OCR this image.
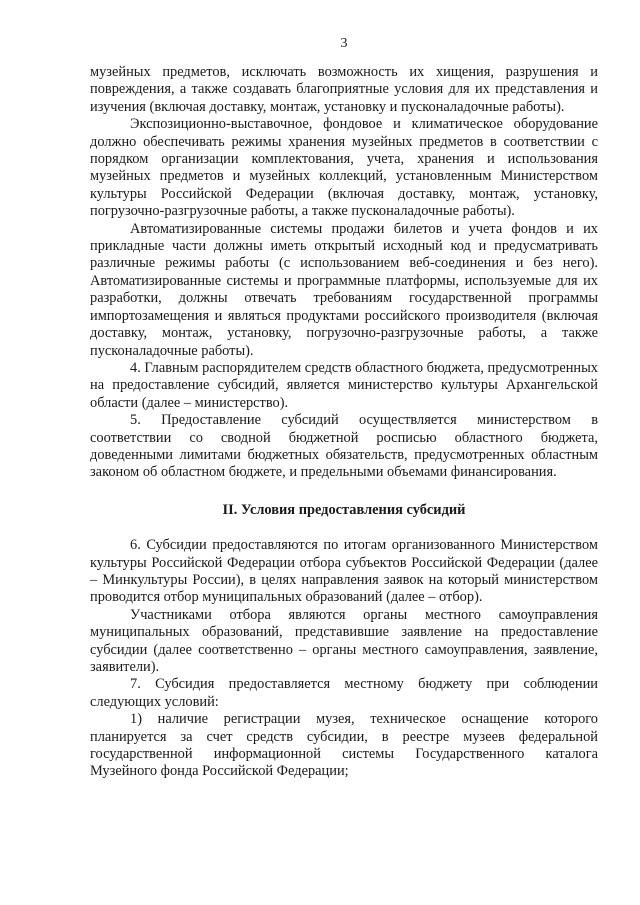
3

музейных предметов, исключать возможность их хищения, разрушения и повреждения, а также создавать благоприятные условия для их представления и изучения (включая доставку, монтаж, установку и пусконаладочные работы).

Экспозиционно-выставочное, фондовое и климатическое оборудование должно обеспечивать режимы хранения музейных предметов в соответствии с порядком организации комплектования, учета, хранения и использования музейных предметов и музейных коллекций, установленным Министерством культуры Российской Федерации (включая доставку, монтаж, установку, погрузочно-разгрузочные работы, а также пусконаладочные работы).

Автоматизированные системы продажи билетов и учета фондов и их прикладные части должны иметь открытый исходный код и предусматривать различные режимы работы (с использованием веб-соединения и без него). Автоматизированные системы и программные платформы, используемые для их разработки, должны отвечать требованиям государственной программы импортозамещения и являться продуктами российского производителя (включая доставку, монтаж, установку, погрузочно-разгрузочные работы, а также пусконаладочные работы).

4. Главным распорядителем средств областного бюджета, предусмотренных на предоставление субсидий, является министерство культуры Архангельской области (далее – министерство).

5. Предоставление субсидий осуществляется министерством в соответствии со сводной бюджетной росписью областного бюджета, доведенными лимитами бюджетных обязательств, предусмотренных областным законом об областном бюджете, и предельными объемами финансирования.

II. Условия предоставления субсидий

6. Субсидии предоставляются по итогам организованного Министерством культуры Российской Федерации отбора субъектов Российской Федерации (далее – Минкультуры России), в целях направления заявок на который министерством проводится отбор муниципальных образований (далее – отбор).

Участниками отбора являются органы местного самоуправления муниципальных образований, представившие заявление на предоставление субсидии (далее соответственно – органы местного самоуправления, заявление, заявители).

7. Субсидия предоставляется местному бюджету при соблюдении следующих условий:

1) наличие регистрации музея, техническое оснащение которого планируется за счет средств субсидии, в реестре музеев федеральной государственной информационной системы Государственного каталога Музейного фонда Российской Федерации;
